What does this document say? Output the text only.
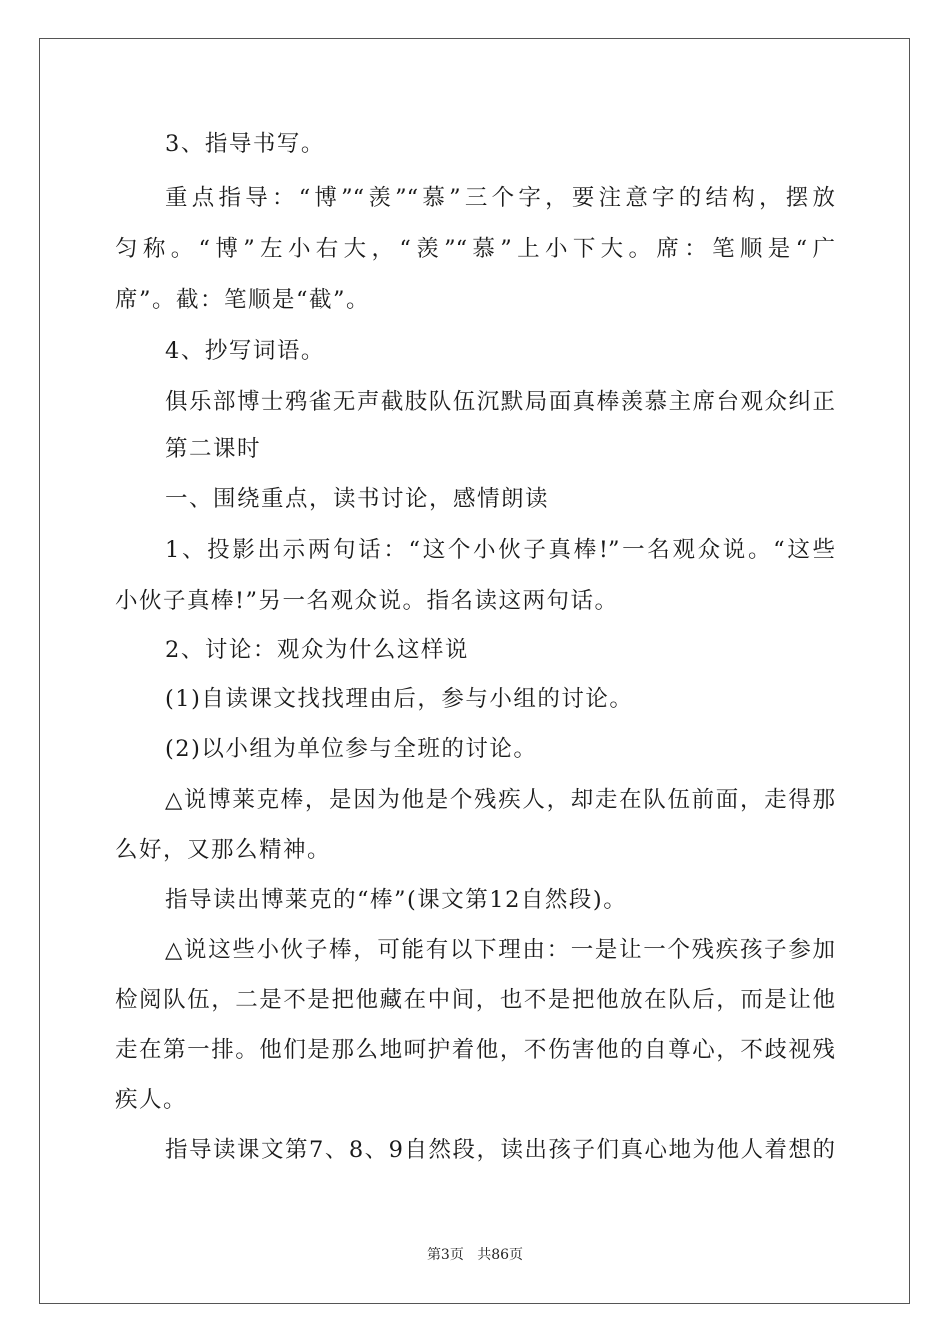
3、指导书写。
重点指导：“博”“羡”“慕”三个字，要注意字的结构，摆放
匀称。“博”左小右大，“羡”“慕”上小下大。席：笔顺是“广
席”。截：笔顺是“截”。
4、抄写词语。
俱乐部博士鸦雀无声截肢队伍沉默局面真棒羡慕主席台观众纠正
第二课时
一、围绕重点，读书讨论，感情朗读
1、投影出示两句话：“这个小伙子真棒!”一名观众说。“这些
小伙子真棒!”另一名观众说。指名读这两句话。
2、讨论：观众为什么这样说
(1)自读课文找找理由后，参与小组的讨论。
(2)以小组为单位参与全班的讨论。
△说博莱克棒，是因为他是个残疾人，却走在队伍前面，走得那
么好，又那么精神。
指导读出博莱克的“棒”(课文第12自然段)。
△说这些小伙子棒，可能有以下理由：一是让一个残疾孩子参加
检阅队伍，二是不是把他藏在中间，也不是把他放在队后，而是让他
走在第一排。他们是那么地呵护着他，不伤害他的自尊心，不歧视残
疾人。
指导读课文第7、8、9自然段，读出孩子们真心地为他人着想的
第3页 共86页
